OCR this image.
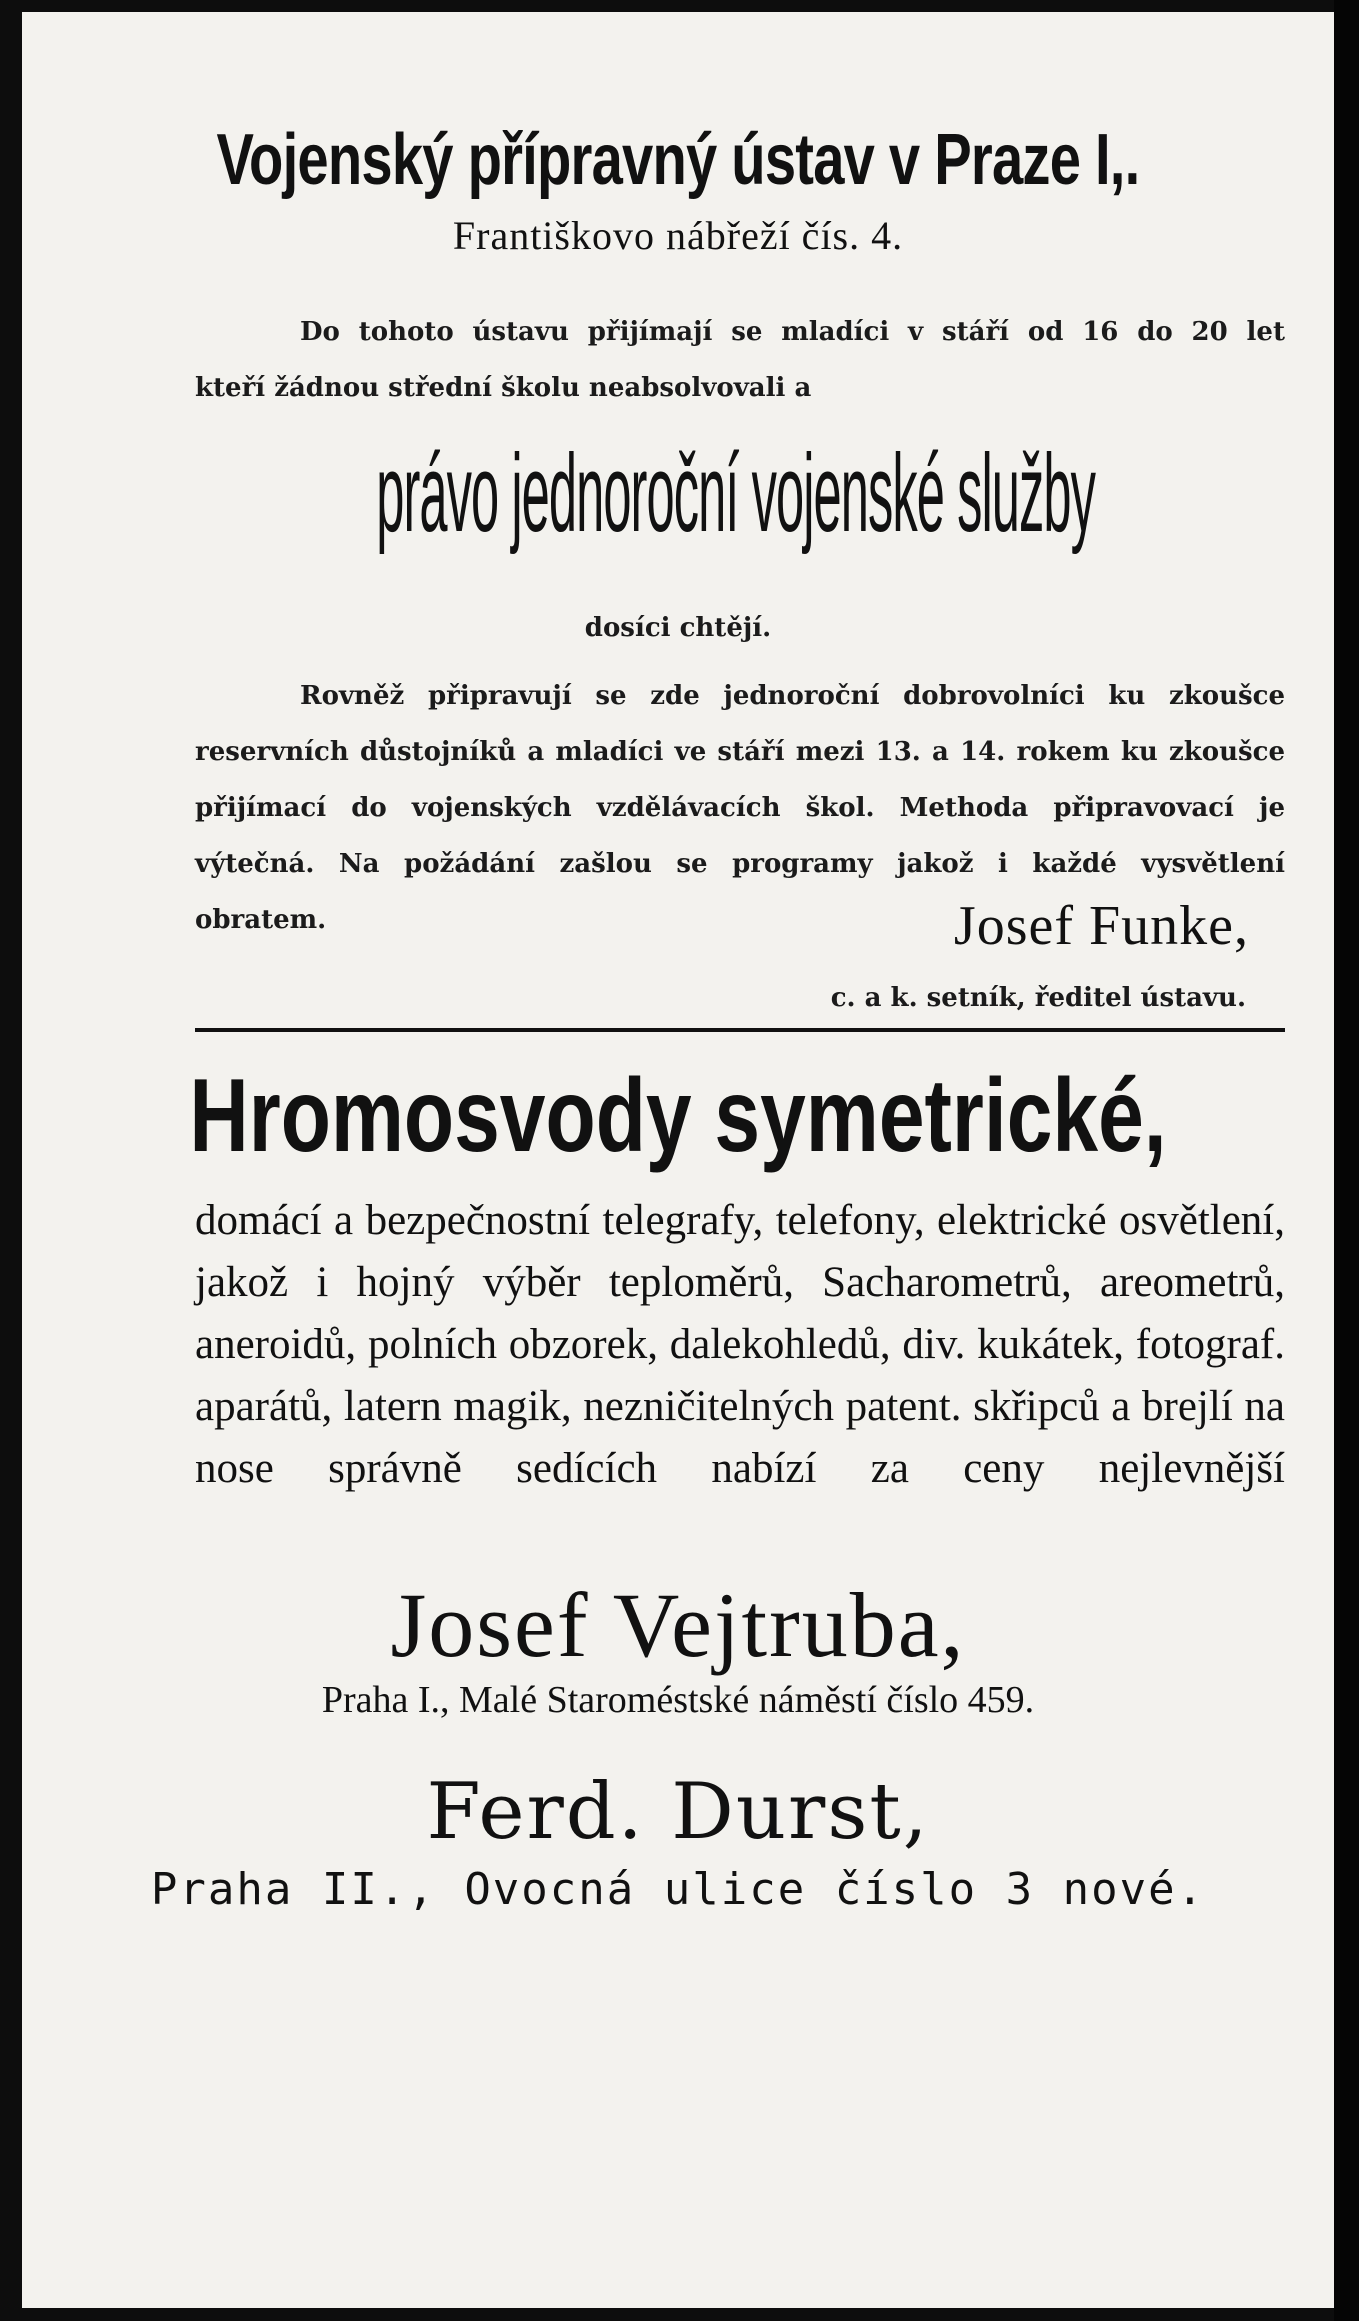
Vojenský přípravný ústav v Praze I,.
Františkovo nábřeží čís. 4.
Do tohoto ústavu přijímají se mladíci v stáří od 16 do 20 let
kteří žádnou střední školu neabsolvovali a
právo jednoroční vojenské služby
dosíci chtějí.
Rovněž připravují se zde jednoroční dobrovolníci ku zkoušce reservních důstojníků a mladíci ve stáří mezi 13. a 14. rokem ku zkoušce přijímací do vojenských vzdělávacích škol. Methoda připravovací je výtečná. Na požádání zašlou se programy jakož i každé vysvětlení obratem.	Josef Funke,
c. a k. setník, ředitel ústavu.
Hromosvody symetrické,
domácí a bezpečnostní telegrafy, telefony, elektrické osvětlení, jakož i hojný výběr teploměrů, Sacharometrů, areometrů, aneroidů, polních obzorek, dalekohledů, div. kukátek, fotograf. aparátů, latern magik, nezničitelných patent. skřipců a brejlí na nose správně sedících nabízí za ceny nejlevnější
Josef Vejtruba,
Praha I., Malé Staroméstské náměstí číslo 459.
Ferd. Durst,
Praha II., Ovocná ulice číslo 3 nové.
